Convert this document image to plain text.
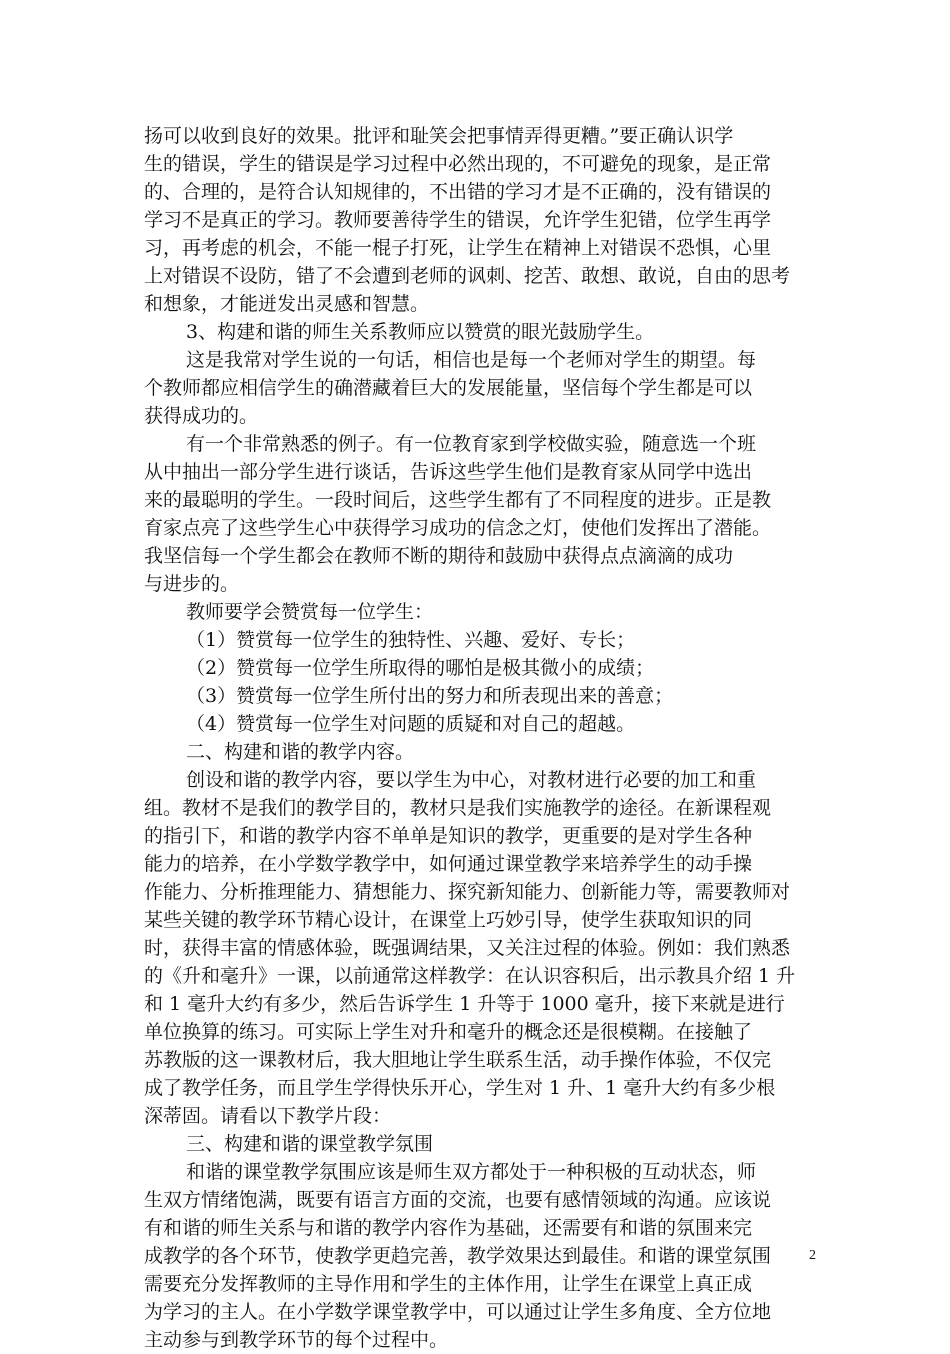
扬可以收到良好的效果。批评和耻笑会把事情弄得更糟。”要正确认识学
生的错误，学生的错误是学习过程中必然出现的，不可避免的现象，是正常
的、合理的，是符合认知规律的，不出错的学习才是不正确的，没有错误的
学习不是真正的学习。教师要善待学生的错误，允许学生犯错，位学生再学
习，再考虑的机会，不能一棍子打死，让学生在精神上对错误不恐惧，心里
上对错误不设防，错了不会遭到老师的讽刺、挖苦、敢想、敢说，自由的思考
和想象，才能迸发出灵感和智慧。
3、构建和谐的师生关系教师应以赞赏的眼光鼓励学生。
这是我常对学生说的一句话，相信也是每一个老师对学生的期望。每
个教师都应相信学生的确潜藏着巨大的发展能量，坚信每个学生都是可以
获得成功的。
有一个非常熟悉的例子。有一位教育家到学校做实验，随意选一个班
从中抽出一部分学生进行谈话，告诉这些学生他们是教育家从同学中选出
来的最聪明的学生。一段时间后，这些学生都有了不同程度的进步。正是教
育家点亮了这些学生心中获得学习成功的信念之灯，使他们发挥出了潜能。
我坚信每一个学生都会在教师不断的期待和鼓励中获得点点滴滴的成功
与进步的。
教师要学会赞赏每一位学生：
（1）赞赏每一位学生的独特性、兴趣、爱好、专长；
（2）赞赏每一位学生所取得的哪怕是极其微小的成绩；
（3）赞赏每一位学生所付出的努力和所表现出来的善意；
（4）赞赏每一位学生对问题的质疑和对自己的超越。
二、构建和谐的教学内容。
创设和谐的教学内容，要以学生为中心，对教材进行必要的加工和重
组。教材不是我们的教学目的，教材只是我们实施教学的途径。在新课程观
的指引下，和谐的教学内容不单单是知识的教学，更重要的是对学生各种
能力的培养，在小学数学教学中，如何通过课堂教学来培养学生的动手操
作能力、分析推理能力、猜想能力、探究新知能力、创新能力等，需要教师对
某些关键的教学环节精心设计，在课堂上巧妙引导，使学生获取知识的同
时，获得丰富的情感体验，既强调结果，又关注过程的体验。例如：我们熟悉
的《升和毫升》一课，以前通常这样教学：在认识容积后，出示教具介绍 1 升
和 1 毫升大约有多少，然后告诉学生 1 升等于 1000 毫升，接下来就是进行
单位换算的练习。可实际上学生对升和毫升的概念还是很模糊。在接触了
苏教版的这一课教材后，我大胆地让学生联系生活，动手操作体验，不仅完
成了教学任务，而且学生学得快乐开心，学生对 1 升、1 毫升大约有多少根
深蒂固。请看以下教学片段：
三、构建和谐的课堂教学氛围
和谐的课堂教学氛围应该是师生双方都处于一种积极的互动状态，师
生双方情绪饱满，既要有语言方面的交流，也要有感情领域的沟通。应该说
有和谐的师生关系与和谐的教学内容作为基础，还需要有和谐的氛围来完
成教学的各个环节，使教学更趋完善，教学效果达到最佳。和谐的课堂氛围
需要充分发挥教师的主导作用和学生的主体作用，让学生在课堂上真正成
为学习的主人。在小学数学课堂教学中，可以通过让学生多角度、全方位地
主动参与到教学环节的每个过程中。
2
